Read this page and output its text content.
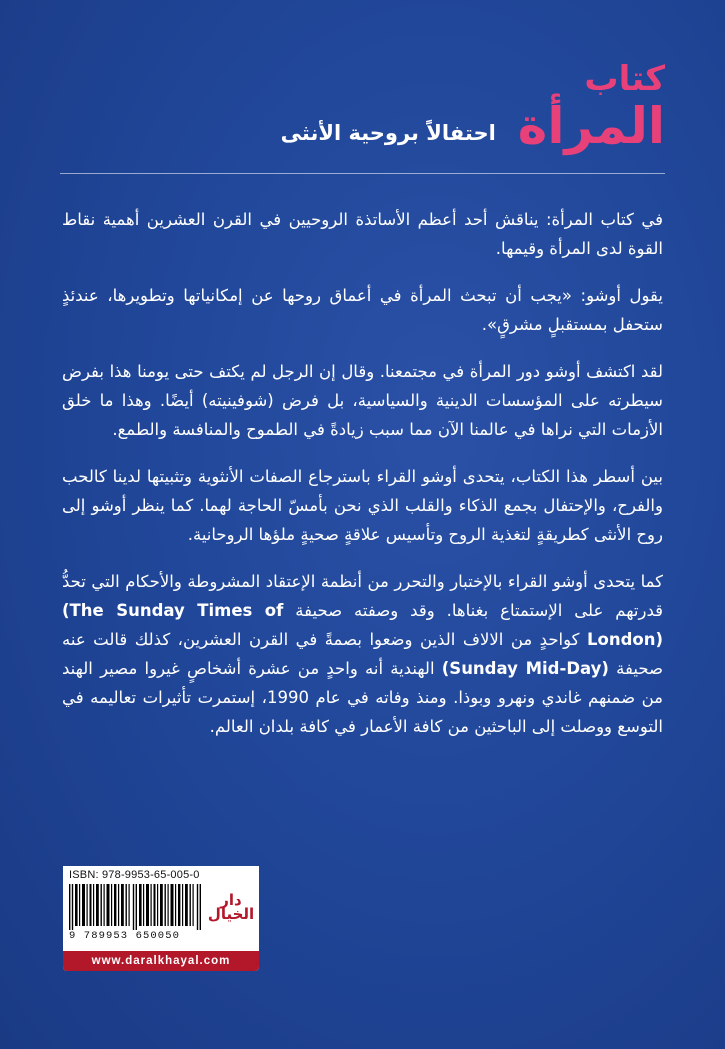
كتاب
المرأة
احتفالاً بروحية الأنثى

في كتاب المرأة: يناقش أحد أعظم الأساتذة الروحيين في القرن العشرين أهمية نقاط القوة لدى المرأة وقيمها.

يقول أوشو: «يجب أن تبحث المرأة في أعماق روحها عن إمكانياتها وتطويرها، عندئذٍ ستحفل بمستقبلٍ مشرقٍ».

لقد اكتشف أوشو دور المرأة في مجتمعنا. وقال إن الرجل لم يكتف حتى يومنا هذا بفرض سيطرته على المؤسسات الدينية والسياسية، بل فرض (شوفينيته) أيضًا. وهذا ما خلق الأزمات التي نراها في عالمنا الآن مما سبب زيادةً في الطموح والمنافسة والطمع.

بين أسطر هذا الكتاب، يتحدى أوشو القراء باسترجاع الصفات الأنثوية وتثبيتها لدينا كالحب والفرح، والإحتفال بجمع الذكاء والقلب الذي نحن بأمسّ الحاجة لهما. كما ينظر أوشو إلى روح الأنثى كطريقةٍ لتغذية الروح وتأسيس علاقةٍ صحيةٍ ملؤها الروحانية.

كما يتحدى أوشو القراء بالإختبار والتحرر من أنظمة الإعتقاد المشروطة والأحكام التي تحدُّ قدرتهم على الإستمتاع بغناها. وقد وصفته صحيفة (The Sunday Times of London) كواحدٍ من الالاف الذين وضعوا بصمةً في القرن العشرين، كذلك قالت عنه صحيفة (Sunday Mid-Day) الهندية أنه واحدٍ من عشرة أشخاصٍ غيروا مصير الهند من ضمنهم غاندي ونهرو وبوذا. ومنذ وفاته في عام 1990، إستمرت تأثيرات تعاليمه في التوسع ووصلت إلى الباحثين من كافة الأعمار في كافة بلدان العالم.

ISBN: 978-9953-65-005-0
9 789953 650050
دار الخيال
www.daralkhayal.com
